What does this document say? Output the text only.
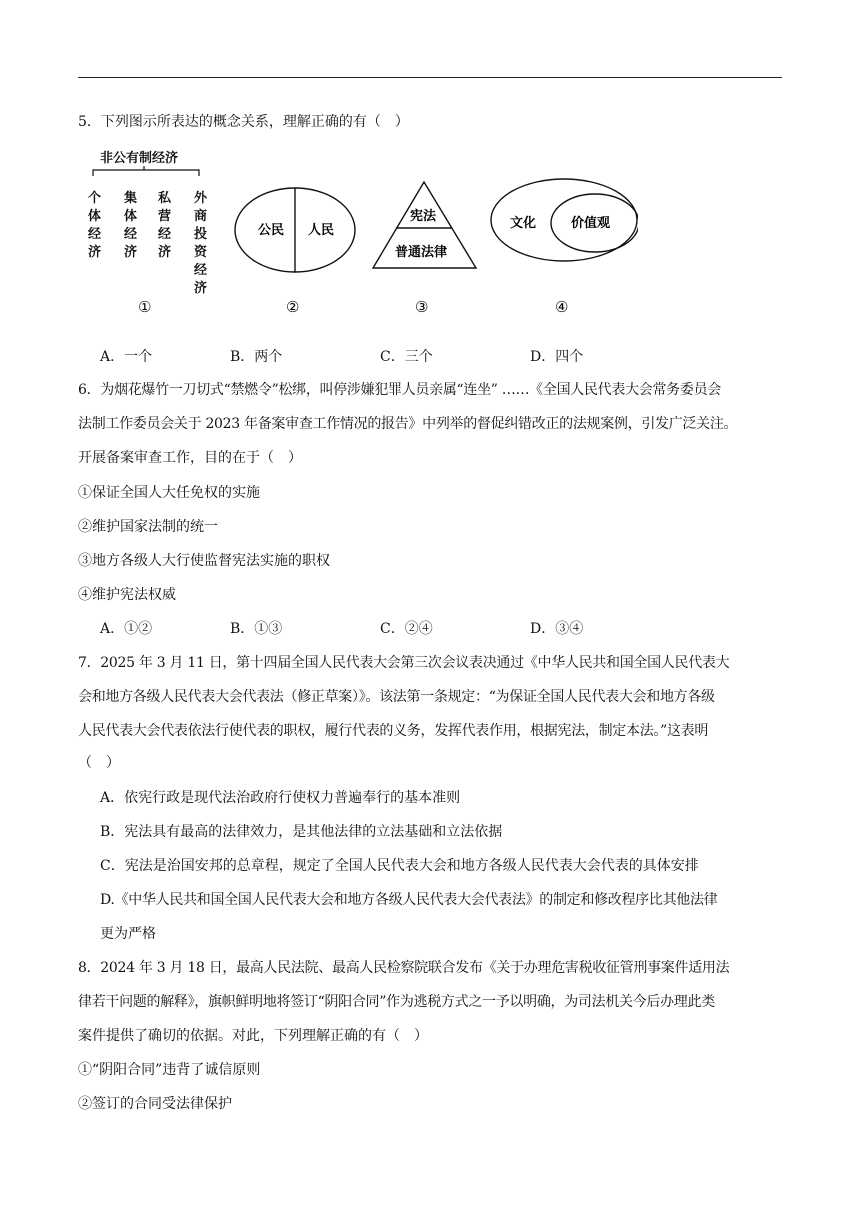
5．下列图示所表达的概念关系，理解正确的有（　）
非公有制经济
个体经济
集体经济
私营经济
外商投资经济
①
公民 人民
②
宪法
普通法律
③
文化	价值观
④
A．一个	B．两个	C．三个	D．四个
6．为烟花爆竹一刀切式“禁燃令”松绑，叫停涉嫌犯罪人员亲属“连坐” ……《全国人民代表大会常务委员会
法制工作委员会关于 2023 年备案审查工作情况的报告》中列举的督促纠错改正的法规案例，引发广泛关注。
开展备案审查工作，目的在于（　）
①保证全国人大任免权的实施
②维护国家法制的统一
③地方各级人大行使监督宪法实施的职权
④维护宪法权威
A．①②	B．①③	C．②④	D．③④
7．2025 年 3 月 11 日，第十四届全国人民代表大会第三次会议表决通过《中华人民共和国全国人民代表大
会和地方各级人民代表大会代表法（修正草案）》。该法第一条规定：“为保证全国人民代表大会和地方各级
人民代表大会代表依法行使代表的职权，履行代表的义务，发挥代表作用，根据宪法，制定本法。”这表明
（　）
A．依宪行政是现代法治政府行使权力普遍奉行的基本准则
B．宪法具有最高的法律效力，是其他法律的立法基础和立法依据
C．宪法是治国安邦的总章程，规定了全国人民代表大会和地方各级人民代表大会代表的具体安排
D.《中华人民共和国全国人民代表大会和地方各级人民代表大会代表法》的制定和修改程序比其他法律
更为严格
8．2024 年 3 月 18 日，最高人民法院、最高人民检察院联合发布《关于办理危害税收征管刑事案件适用法
律若干问题的解释》，旗帜鲜明地将签订“阴阳合同”作为逃税方式之一予以明确，为司法机关今后办理此类
案件提供了确切的依据。对此，下列理解正确的有（　）
①“阴阳合同”违背了诚信原则
②签订的合同受法律保护
